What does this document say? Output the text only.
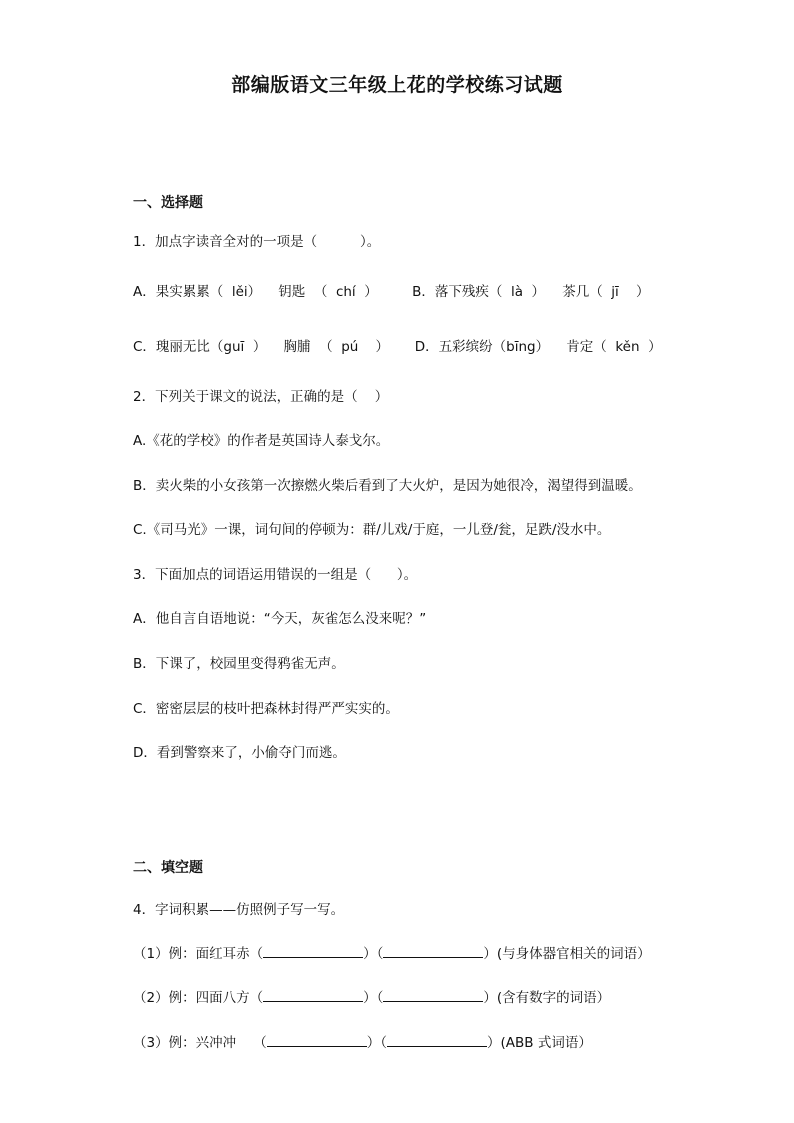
部编版语文三年级上花的学校练习试题
一、选择题
1．加点字读音全对的一项是（          ）。
A．果实累累（  lěi）    钥匙  （  chí  ）        B．落下残疾（  là  ）    茶几（  jī    ）
C．瑰丽无比（guī  ）    胸脯  （  pú    ）      D．五彩缤纷（bīng）    肯定（  kěn  ）
2．下列关于课文的说法，正确的是（    ）
A.《花的学校》的作者是英国诗人泰戈尔。
B．卖火柴的小女孩第一次擦燃火柴后看到了大火炉，是因为她很冷，渴望得到温暖。
C.《司马光》一课，词句间的停顿为：群/儿戏/于庭，一儿登/瓮，足跌/没水中。
3．下面加点的词语运用错误的一组是（      ）。
A．他自言自语地说：“今天，灰雀怎么没来呢？”
B．下课了，校园里变得鸦雀无声。
C．密密层层的枝叶把森林封得严严实实的。
D．看到警察来了，小偷夺门而逃。
二、填空题
4．字词积累——仿照例子写一写。
（1）例：面红耳赤（	）（	）(与身体器官相关的词语）
（2）例：四面八方（	）（	）(含有数字的词语）
（3）例：兴冲冲    （	）（	）(ABB 式词语）
